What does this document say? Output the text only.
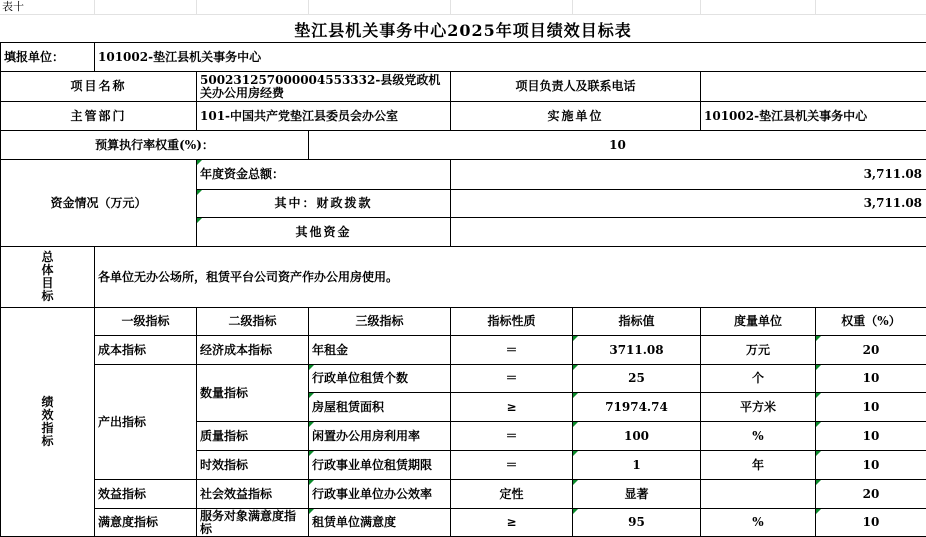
表十
垫江县机关事务中心2025年项目绩效目标表
填报单位：	101002-垫江县机关事务中心						
项目名称		500231257000004553332-县级党政机关办公用房经费		项目负责人及联系电话			
主管部门		101-中国共产党垫江县委员会办公室		实施单位		101002-垫江县机关事务中心	
预算执行率权重(%)：			10				
资金情况（万元）		年度资金总额：		3,711.08			
		其中：财政拨款		3,711.08			
		其他资金					
总体目标	各单位无办公场所，租赁平台公司资产作办公用房使用。						
绩效指标	一级指标	二级指标	三级指标	指标性质	指标值	度量单位	权重（%）
	成本指标	经济成本指标	年租金	＝	3711.08	万元	20
	产出指标	数量指标	行政单位租赁个数	＝	25	个	10
			房屋租赁面积	≥	71974.74	平方米	10
		质量指标	闲置办公用房利用率	＝	100	%	10
		时效指标	行政事业单位租赁期限	＝	1	年	10
	效益指标	社会效益指标	行政事业单位办公效率	定性	显著		20
	满意度指标	服务对象满意度指标	租赁单位满意度	≥	95	%	10
